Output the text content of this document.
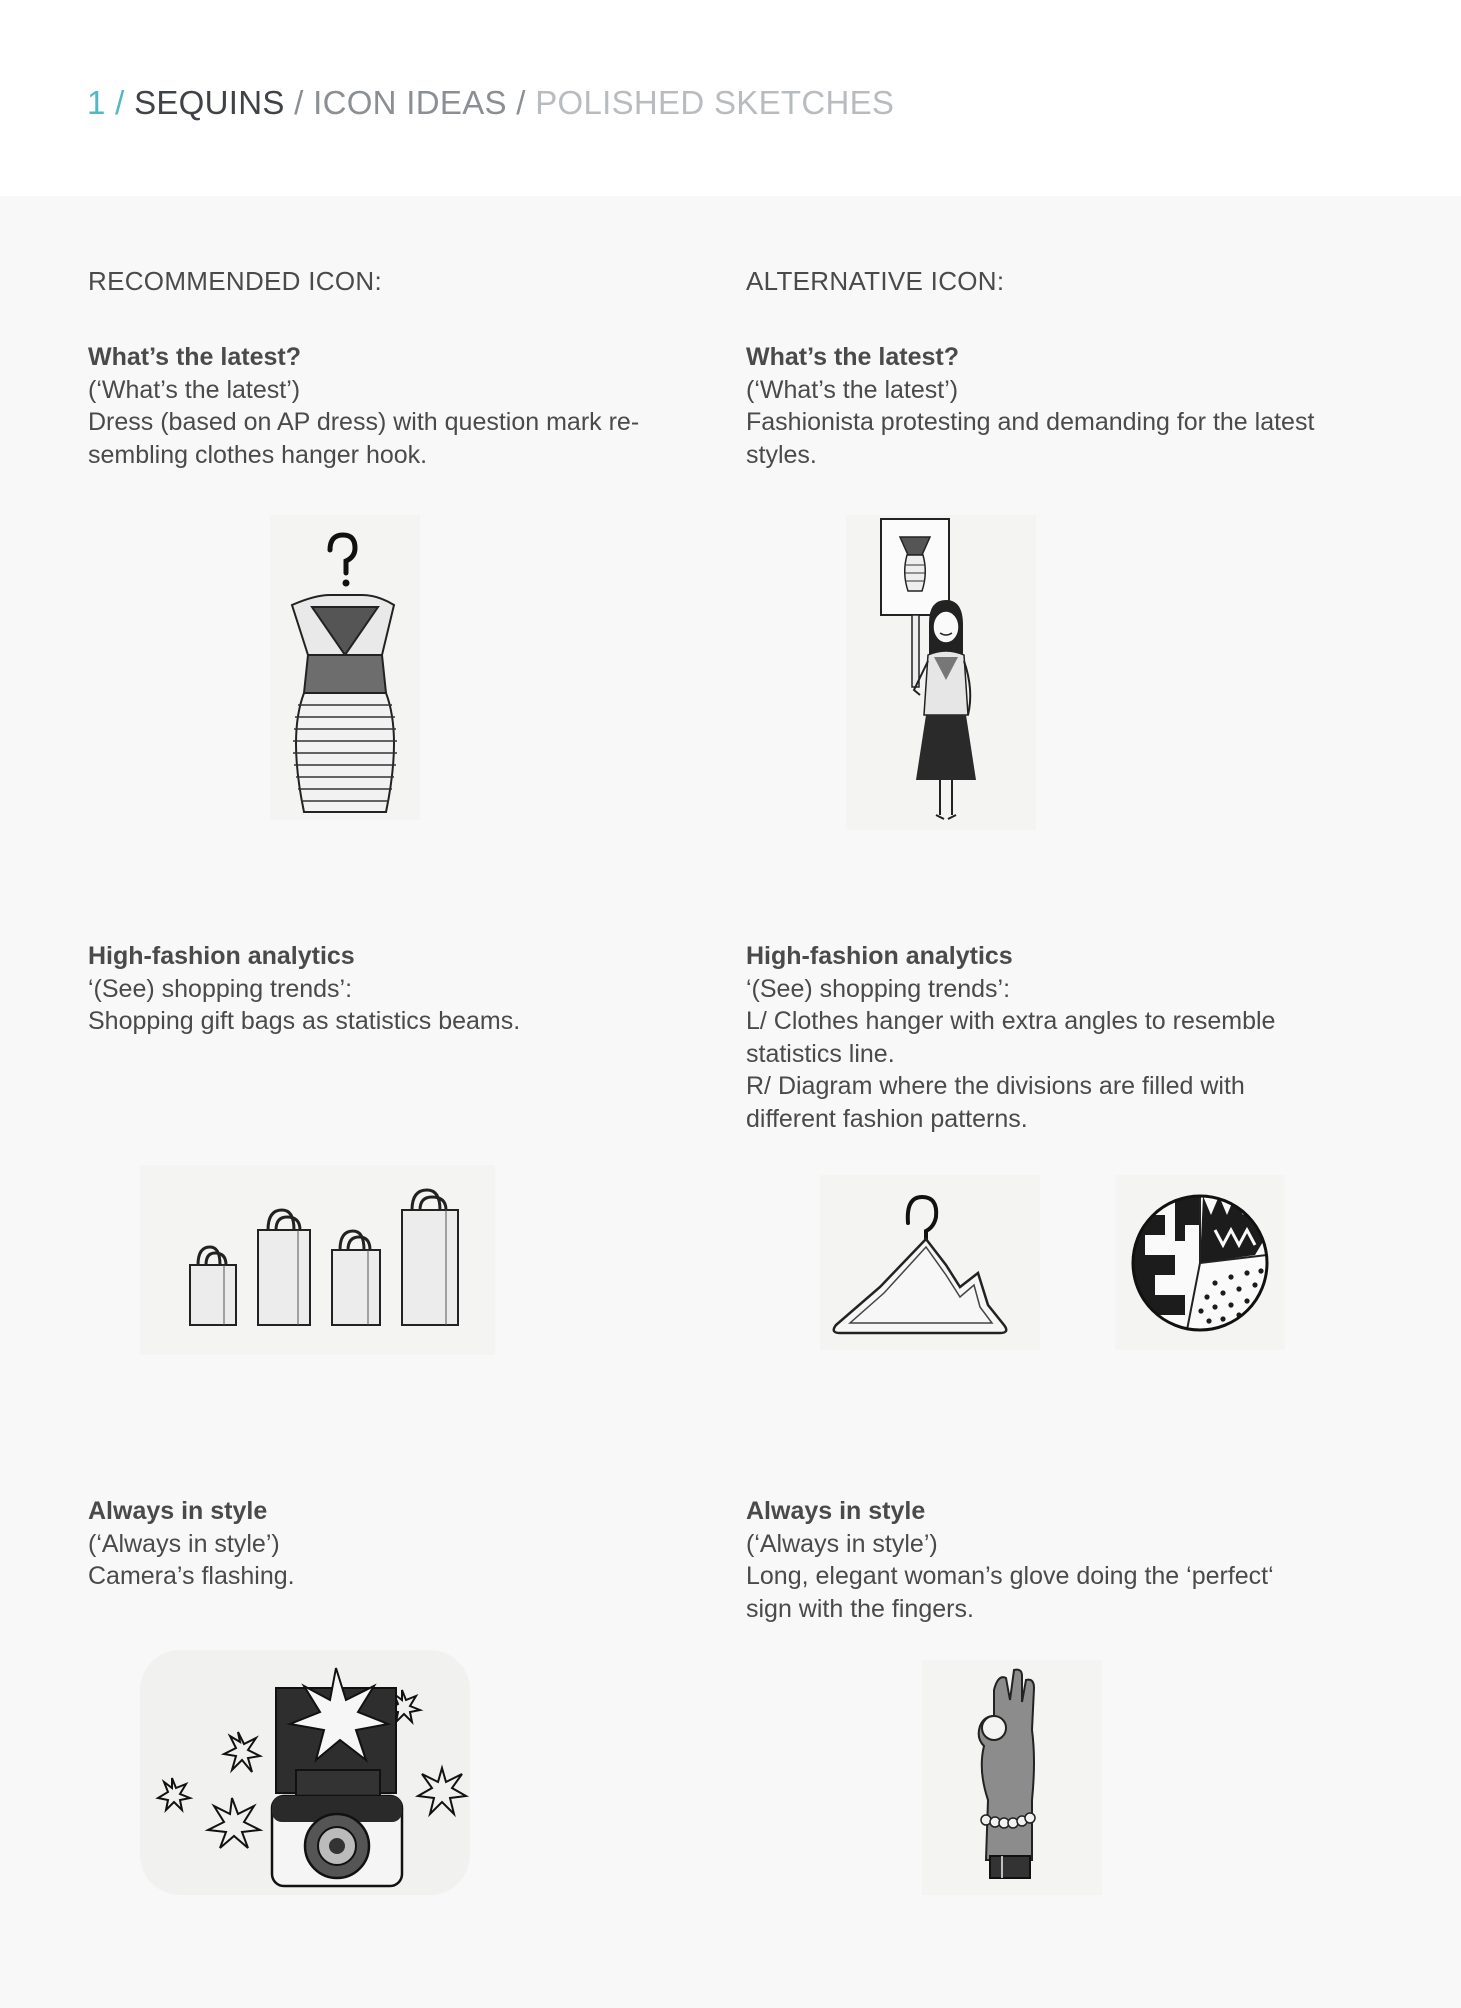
1 / SEQUINS / ICON IDEAS / POLISHED SKETCHES
RECOMMENDED ICON:	ALTERNATIVE ICON:
What’s the latest?
(‘What’s the latest’)
Dress (based on AP dress) with question mark re-
sembling clothes hanger hook.
What’s the latest?
(‘What’s the latest’)
Fashionista protesting and demanding for the latest
styles.
High-fashion analytics
‘(See) shopping trends’:
Shopping gift bags as statistics beams.
High-fashion analytics
‘(See) shopping trends’:
L/ Clothes hanger with extra angles to resemble
statistics line.
R/ Diagram where the divisions are filled with
different fashion patterns.
Always in style
(‘Always in style’)
Camera’s flashing.
Always in style
(‘Always in style’)
Long, elegant woman’s glove doing the ‘perfect‘
sign with the fingers.
